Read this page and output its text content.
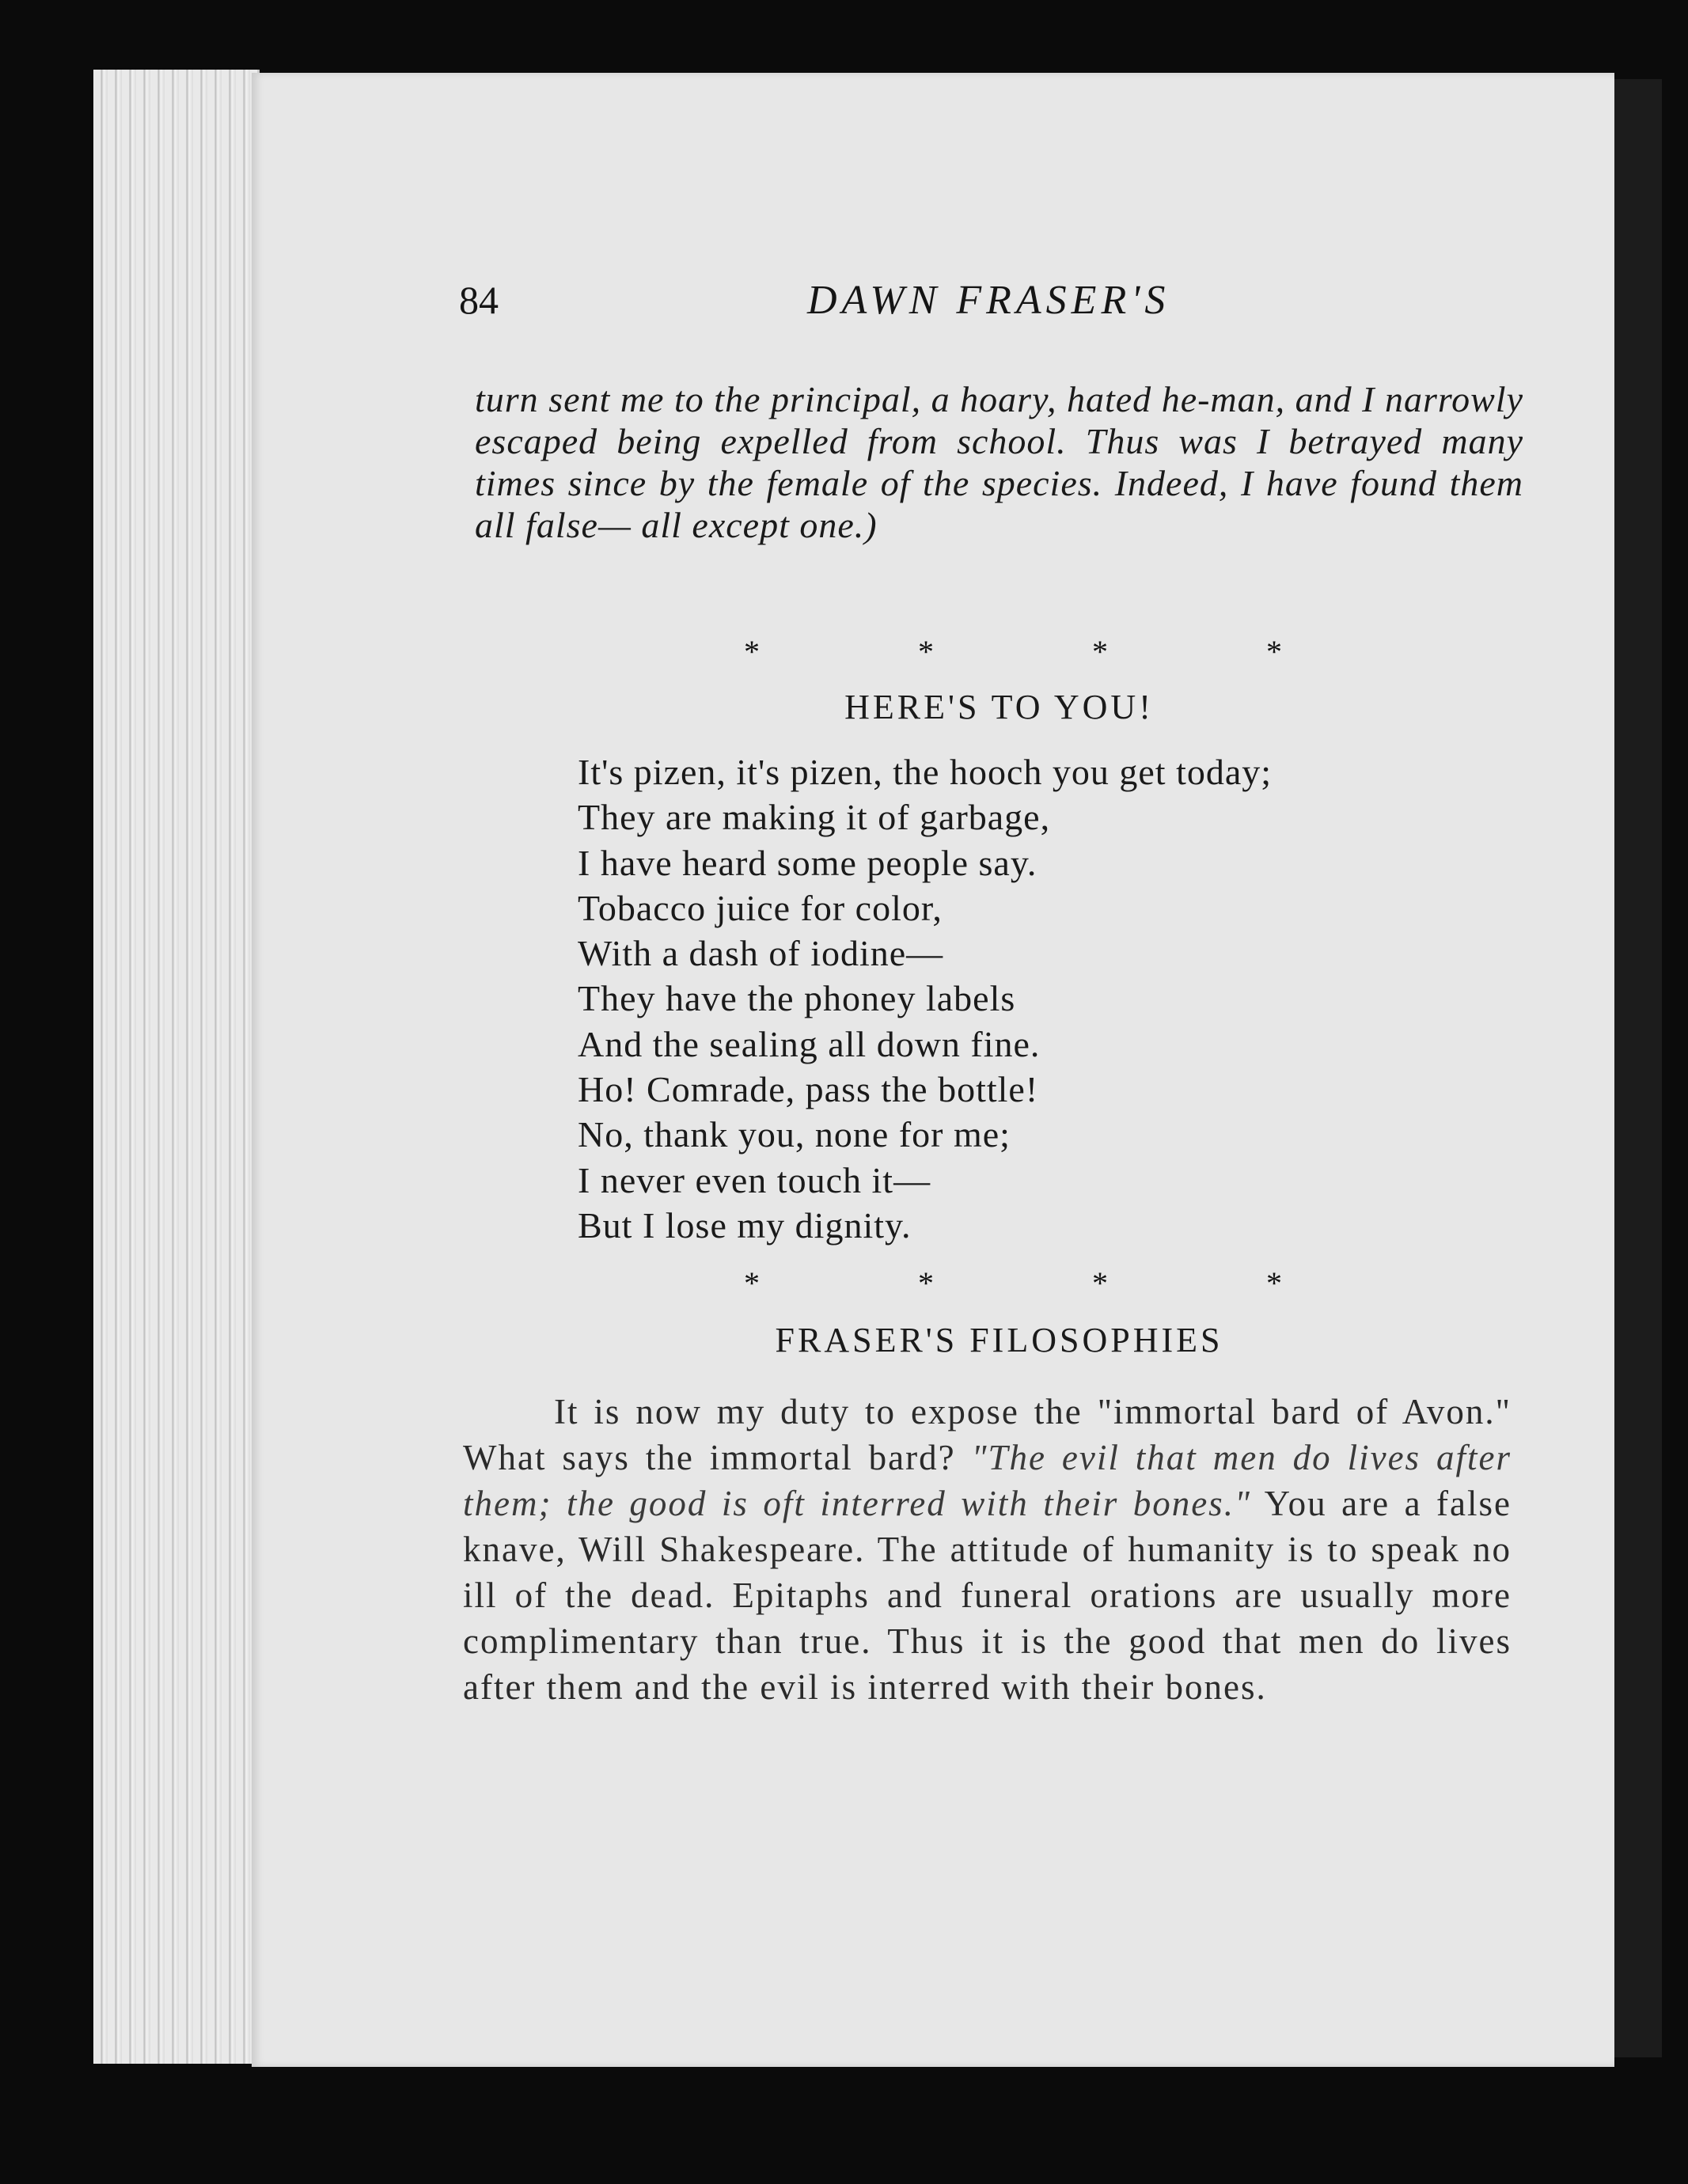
84	DAWN FRASER'S
turn sent me to the principal, a hoary, hated he-man, and I narrowly escaped being expelled from school. Thus was I betrayed many times since by the female of the species. Indeed, I have found them all false— all except one.)
*	*	*	*
HERE'S TO YOU!
It's pizen, it's pizen, the hooch you get today;
They are making it of garbage,
I have heard some people say.
Tobacco juice for color,
With a dash of iodine—
They have the phoney labels
And the sealing all down fine.
Ho! Comrade, pass the bottle!
No, thank you, none for me;
I never even touch it—
But I lose my dignity.
*	*	*	*
FRASER'S FILOSOPHIES
It is now my duty to expose the "immortal bard of Avon." What says the immortal bard? "The evil that men do lives after them; the good is oft interred with their bones." You are a false knave, Will Shakespeare. The attitude of humanity is to speak no ill of the dead. Epitaphs and funeral orations are usually more complimentary than true. Thus it is the good that men do lives after them and the evil is interred with their bones.
